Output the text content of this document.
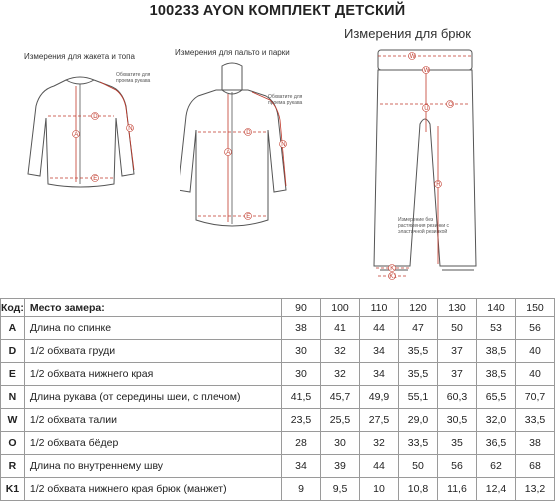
100233 AYON КОМПЛЕКТ ДЕТСКИЙ
Измерения для жакета и топа
Обхватите для проема рукава
D
A
E
N
Измерения для пальто и парки
Обхватите для проема рукава
D
A
E
N
Измерения для брюк
Измерение без растяжения резинки с эластичной резинкой
W
W
U
O
R
K
K1
Код:	Место замера:	90	100	110	120	130	140	150
A	Длина по спинке	38	41	44	47	50	53	56
D	1/2 обхвата груди	30	32	34	35,5	37	38,5	40
E	1/2 обхвата нижнего края	30	32	34	35,5	37	38,5	40
N	Длина рукава (от середины шеи, с плечом)	41,5	45,7	49,9	55,1	60,3	65,5	70,7
W	1/2 обхвата талии	23,5	25,5	27,5	29,0	30,5	32,0	33,5
O	1/2 обхвата бёдер	28	30	32	33,5	35	36,5	38
R	Длина по внутреннему шву	34	39	44	50	56	62	68
K1	1/2 обхвата нижнего края брюк (манжет)	9	9,5	10	10,8	11,6	12,4	13,2
